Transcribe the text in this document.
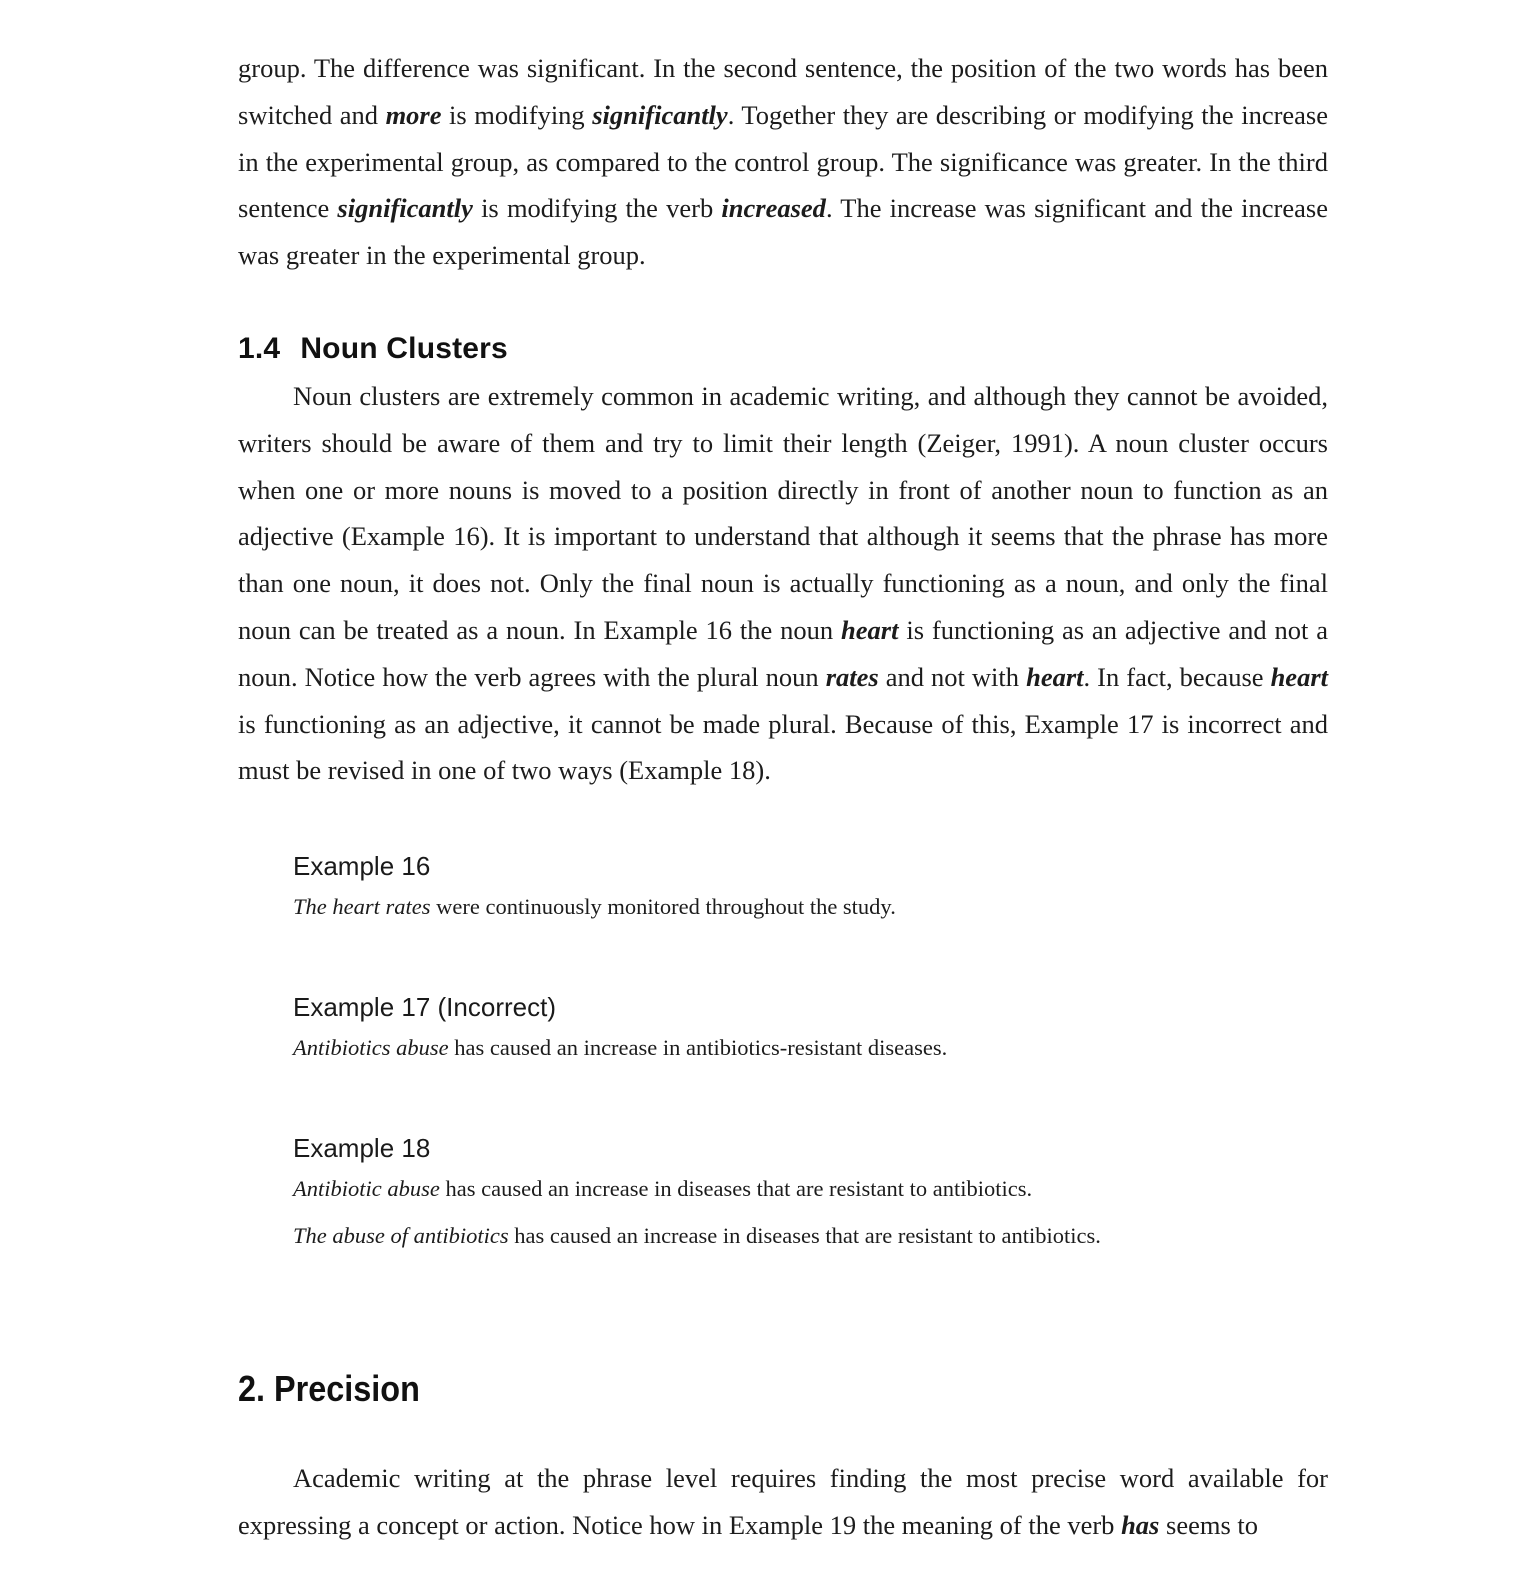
group. The difference was significant. In the second sentence, the position of the two words has been switched and more is modifying significantly. Together they are describing or modifying the increase in the experimental group, as compared to the control group. The significance was greater. In the third sentence significantly is modifying the verb increased. The increase was significant and the increase was greater in the experimental group.

1.4 Noun Clusters

Noun clusters are extremely common in academic writing, and although they cannot be avoided, writers should be aware of them and try to limit their length (Zeiger, 1991). A noun cluster occurs when one or more nouns is moved to a position directly in front of another noun to function as an adjective (Example 16). It is important to understand that although it seems that the phrase has more than one noun, it does not. Only the final noun is actually functioning as a noun, and only the final noun can be treated as a noun. In Example 16 the noun heart is functioning as an adjective and not a noun. Notice how the verb agrees with the plural noun rates and not with heart. In fact, because heart is functioning as an adjective, it cannot be made plural. Because of this, Example 17 is incorrect and must be revised in one of two ways (Example 18).

Example 16

The heart rates were continuously monitored throughout the study.

Example 17 (Incorrect)

Antibiotics abuse has caused an increase in antibiotics-resistant diseases.

Example 18

Antibiotic abuse has caused an increase in diseases that are resistant to antibiotics.

The abuse of antibiotics has caused an increase in diseases that are resistant to antibiotics.

2. Precision

Academic writing at the phrase level requires finding the most precise word available for expressing a concept or action. Notice how in Example 19 the meaning of the verb has seems to
